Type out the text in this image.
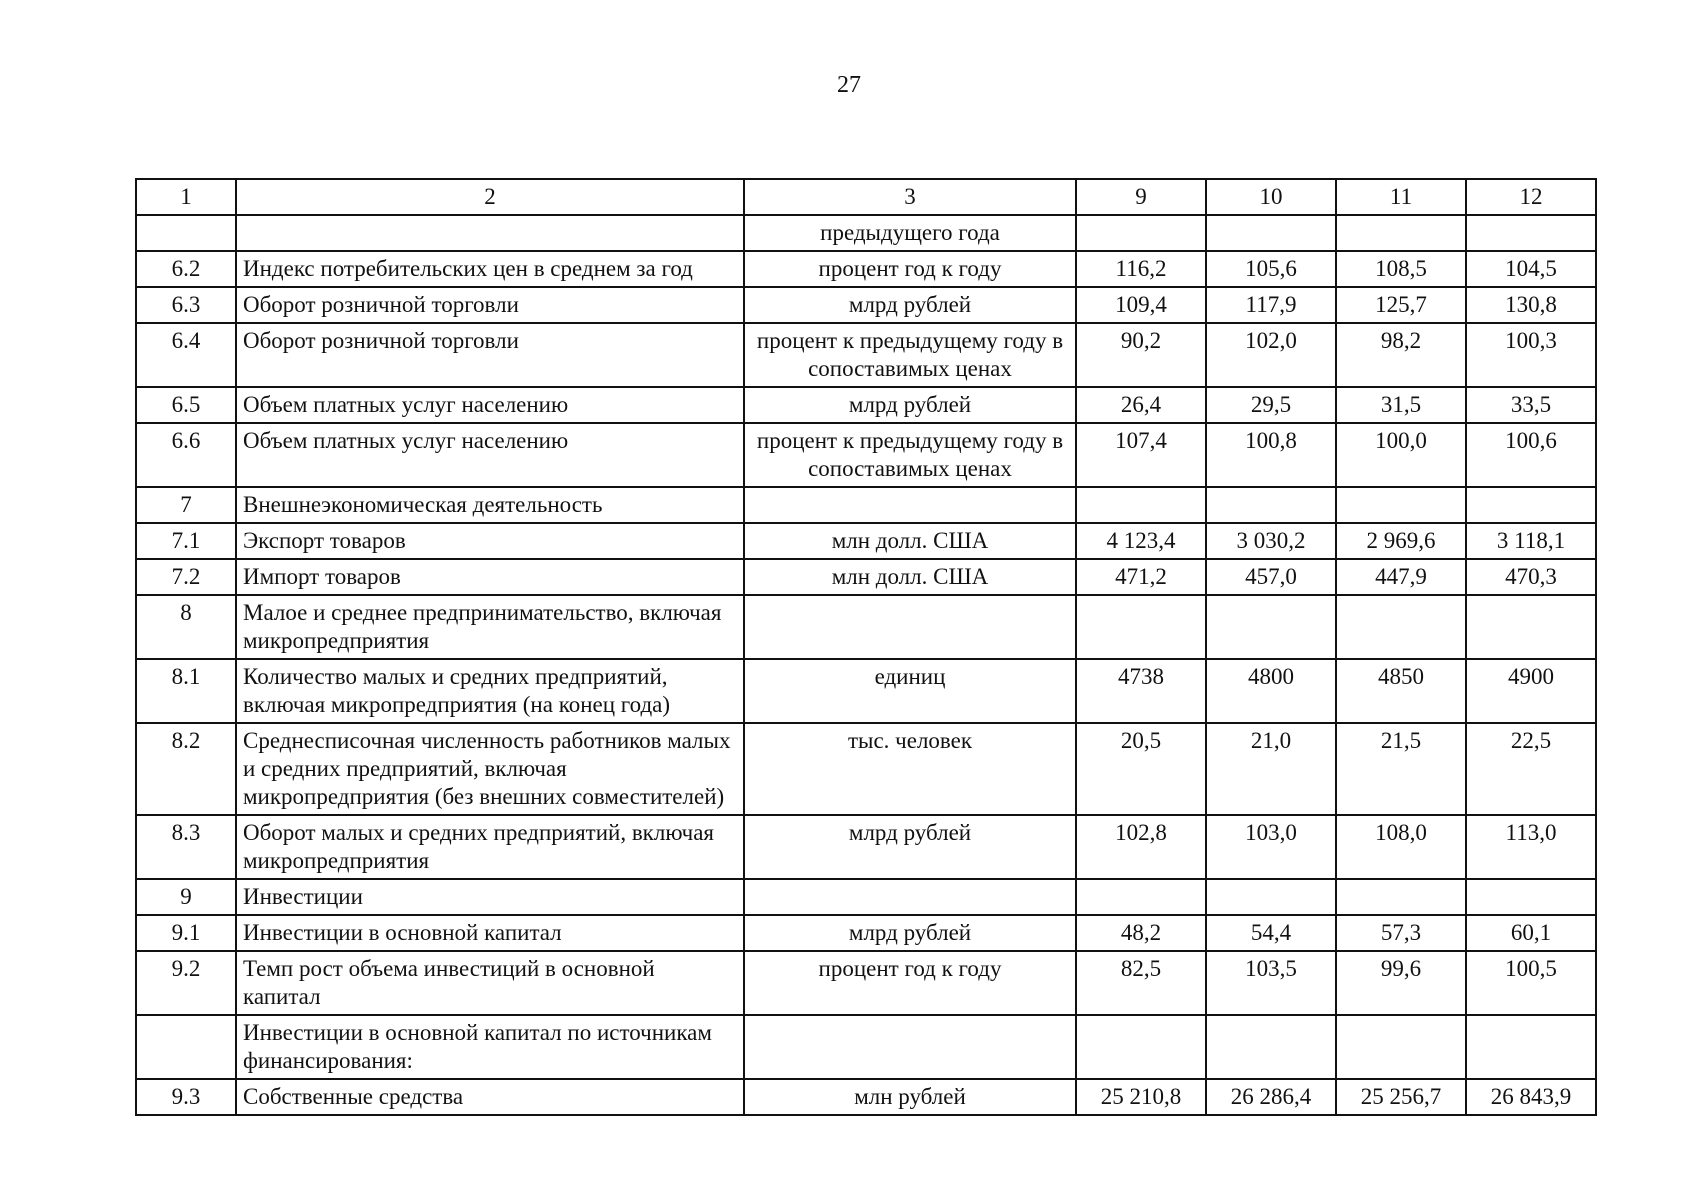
27
1	2	3	9	10	11	12
		предыдущего года				
6.2	Индекс потребительских цен в среднем за год	процент год к году	116,2	105,6	108,5	104,5
6.3	Оборот розничной торговли	млрд рублей	109,4	117,9	125,7	130,8
6.4	Оборот розничной торговли	процент к предыдущему году в сопоставимых ценах	90,2	102,0	98,2	100,3
6.5	Объем платных услуг населению	млрд рублей	26,4	29,5	31,5	33,5
6.6	Объем платных услуг населению	процент к предыдущему году в сопоставимых ценах	107,4	100,8	100,0	100,6
7	Внешнеэкономическая деятельность					
7.1	Экспорт товаров	млн долл. США	4 123,4	3 030,2	2 969,6	3 118,1
7.2	Импорт товаров	млн долл. США	471,2	457,0	447,9	470,3
8	Малое и среднее предпринимательство, включая микропредприятия					
8.1	Количество малых и средних предприятий, включая микропредприятия (на конец года)	единиц	4738	4800	4850	4900
8.2	Среднесписочная численность работников малых и средних предприятий, включая микропредприятия (без внешних совместителей)	тыс. человек	20,5	21,0	21,5	22,5
8.3	Оборот малых и средних предприятий, включая микропредприятия	млрд рублей	102,8	103,0	108,0	113,0
9	Инвестиции					
9.1	Инвестиции в основной капитал	млрд рублей	48,2	54,4	57,3	60,1
9.2	Темп рост объема инвестиций в основной капитал	процент год к году	82,5	103,5	99,6	100,5
	Инвестиции в основной капитал по источникам финансирования:					
9.3	Собственные средства	млн рублей	25 210,8	26 286,4	25 256,7	26 843,9
